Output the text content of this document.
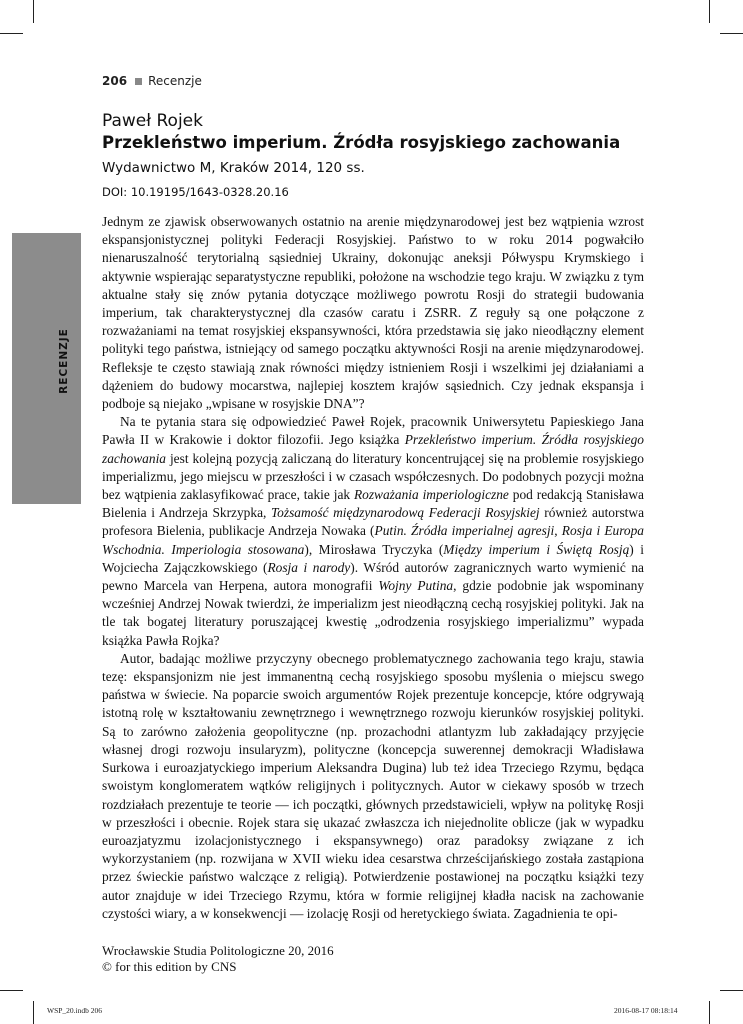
206 Recenzje
Paweł Rojek
Przekleństwo imperium. Źródła rosyjskiego zachowania
Wydawnictwo M, Kraków 2014, 120 ss.
DOI: 10.19195/1643-0328.20.16
RECENZJE

Jednym ze zjawisk obserwowanych ostatnio na arenie międzynarodowej jest bez wątpienia wzrost ekspansjonistycznej polityki Federacji Rosyjskiej. Państwo to w roku 2014 pogwałciło nienaruszalność terytorialną sąsiedniej Ukrainy, dokonując aneksji Półwyspu Krymskiego i aktywnie wspierając separatystyczne republiki, położone na wschodzie tego kraju. W związku z tym aktualne stały się znów pytania dotyczące możliwego powrotu Rosji do strategii budowania imperium, tak charakterystycznej dla czasów caratu i ZSRR. Z reguły są one połączone z rozważaniami na temat rosyjskiej ekspansywności, która przedstawia się jako nieodłączny element polityki tego państwa, istniejący od samego początku aktywności Rosji na arenie międzynarodowej. Refleksje te często stawiają znak równości między istnieniem Rosji i wszelkimi jej działaniami a dążeniem do budowy mocarstwa, najlepiej kosztem krajów sąsiednich. Czy jednak ekspansja i podboje są niejako „wpisane w rosyjskie DNA”?

Na te pytania stara się odpowiedzieć Paweł Rojek, pracownik Uniwersytetu Papieskiego Jana Pawła II w Krakowie i doktor filozofii. Jego książka Przekleństwo imperium. Źródła rosyjskiego zachowania jest kolejną pozycją zaliczaną do literatury koncentrującej się na problemie rosyjskiego imperializmu, jego miejscu w przeszłości i w czasach współczesnych. Do podobnych pozycji można bez wątpienia zaklasyfikować prace, takie jak Rozważania imperiologiczne pod redakcją Stanisława Bielenia i Andrzeja Skrzypka, Tożsamość międzynarodową Federacji Rosyjskiej również autorstwa profesora Bielenia, publikacje Andrzeja Nowaka (Putin. Źródła imperialnej agresji, Rosja i Europa Wschodnia. Imperiologia stosowana), Mirosława Tryczyka (Między imperium i Świętą Rosją) i Wojciecha Zajączkowskiego (Rosja i narody). Wśród autorów zagranicznych warto wymienić na pewno Marcela van Herpena, autora monografii Wojny Putina, gdzie podobnie jak wspominany wcześniej Andrzej Nowak twierdzi, że imperializm jest nieodłączną cechą rosyjskiej polityki. Jak na tle tak bogatej literatury poruszającej kwestię „odrodzenia rosyjskiego imperializmu” wypada książka Pawła Rojka?

Autor, badając możliwe przyczyny obecnego problematycznego zachowania tego kraju, stawia tezę: ekspansjonizm nie jest immanentną cechą rosyjskiego sposobu myślenia o miejscu swego państwa w świecie. Na poparcie swoich argumentów Rojek prezentuje koncepcje, które odgrywają istotną rolę w kształtowaniu zewnętrznego i wewnętrznego rozwoju kierunków rosyjskiej polityki. Są to zarówno założenia geopolityczne (np. prozachodni atlantyzm lub zakładający przyjęcie własnej drogi rozwoju insularyzm), polityczne (koncepcja suwerennej demokracji Władisława Surkowa i euroazjatyckiego imperium Aleksandra Dugina) lub też idea Trzeciego Rzymu, będąca swoistym konglomeratem wątków religijnych i politycznych. Autor w ciekawy sposób w trzech rozdziałach prezentuje te teorie — ich początki, głównych przedstawicieli, wpływ na politykę Rosji w przeszłości i obecnie. Rojek stara się ukazać zwłaszcza ich niejednolite oblicze (jak w wypadku euroazjatyzmu izolacjonistycznego i ekspansywnego) oraz paradoksy związane z ich wykorzystaniem (np. rozwijana w XVII wieku idea cesarstwa chrześcijańskiego została zastąpiona przez świeckie państwo walczące z religią). Potwierdzenie postawionej na początku książki tezy autor znajduje w idei Trzeciego Rzymu, która w formie religijnej kładła nacisk na zachowanie czystości wiary, a w konsekwencji — izolację Rosji od heretyckiego świata. Zagadnienia te opi-

Wrocławskie Studia Politologiczne 20, 2016
© for this edition by CNS
WSP_20.indb 206	2016-08-17 08:18:14
